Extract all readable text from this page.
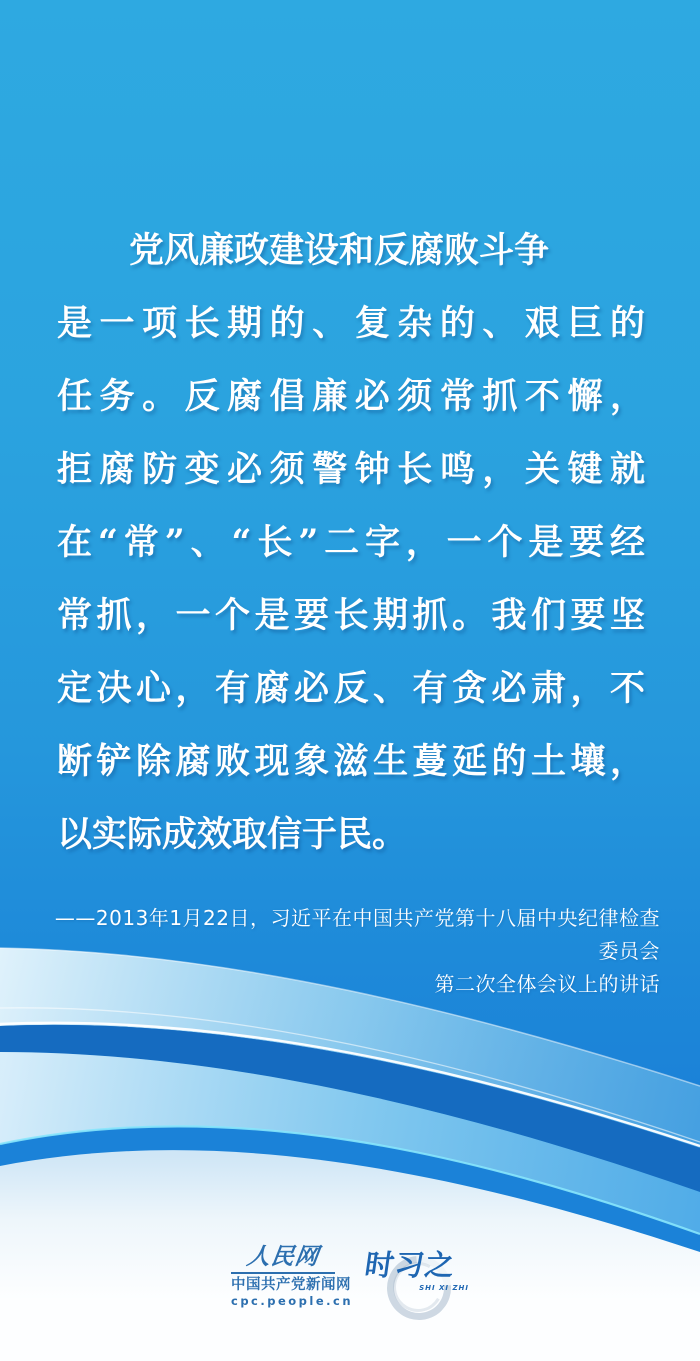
党风廉政建设和反腐败斗争
是一项长期的、复杂的、艰巨的
任务。反腐倡廉必须常抓不懈，
拒腐防变必须警钟长鸣，关键就
在“常”、“长”二字，一个是要经
常抓，一个是要长期抓。我们要坚
定决心，有腐必反、有贪必肃，不
断铲除腐败现象滋生蔓延的土壤，
以实际成效取信于民。
——2013年1月22日，习近平在中国共产党第十八届中央纪律检查委员会
第二次全体会议上的讲话
人民网
中国共产党新闻网
cpc.people.cn
时习之
SHI XI ZHI
